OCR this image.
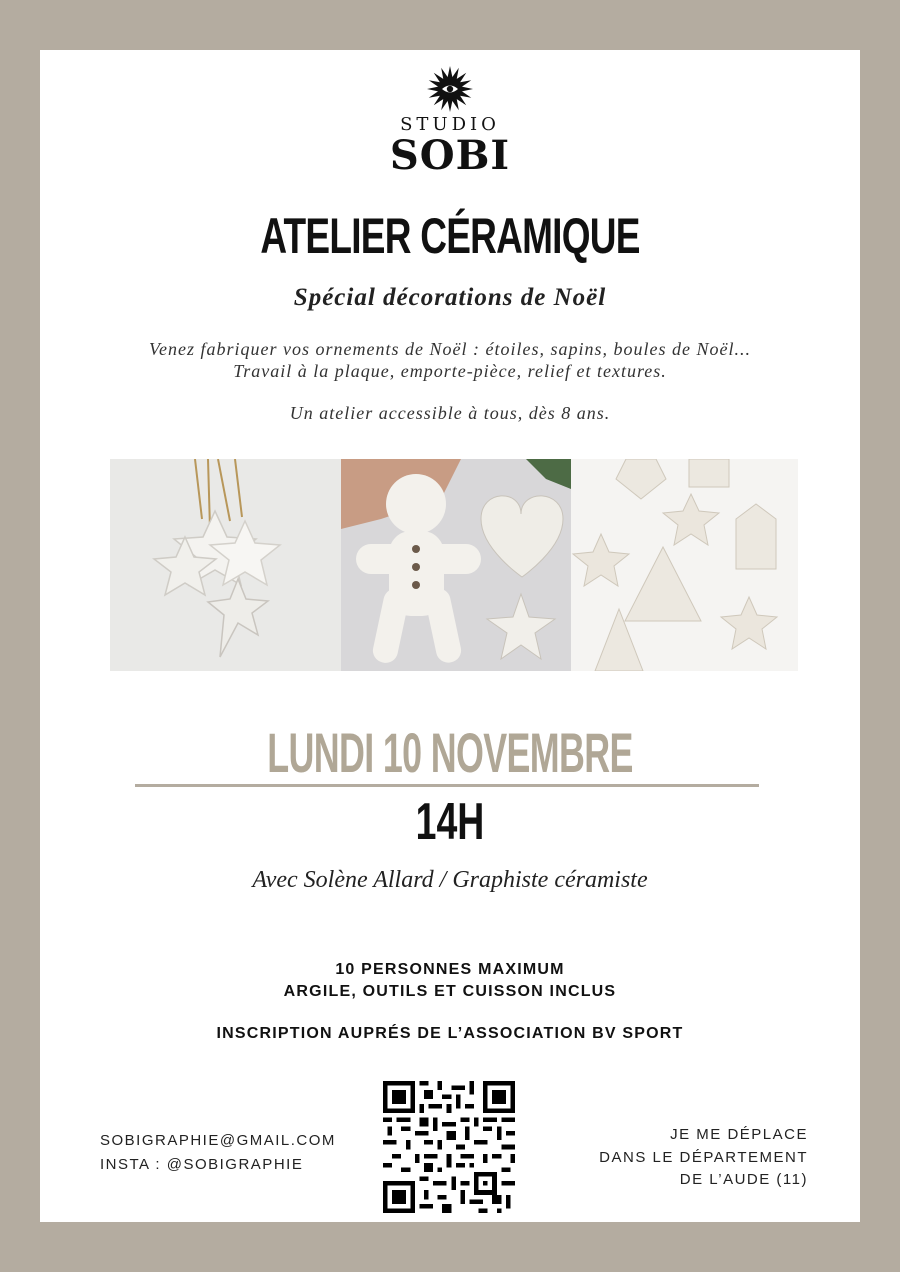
STUDIO
SOBI
ATELIER CÉRAMIQUE
Spécial décorations de Noël
Venez fabriquer vos ornements de Noël : étoiles, sapins, boules de Noël...
Travail à la plaque, emporte-pièce, relief et textures.
Un atelier accessible à tous, dès 8 ans.
LUNDI 10 NOVEMBRE
14H
Avec Solène Allard / Graphiste céramiste
10 PERSONNES MAXIMUM
ARGILE, OUTILS ET CUISSON INCLUS
INSCRIPTION AUPRÉS DE L’ASSOCIATION BV SPORT
SOBIGRAPHIE@GMAIL.COM
INSTA : @SOBIGRAPHIE
JE ME DÉPLACE
DANS LE DÉPARTEMENT
DE L’AUDE (11)
